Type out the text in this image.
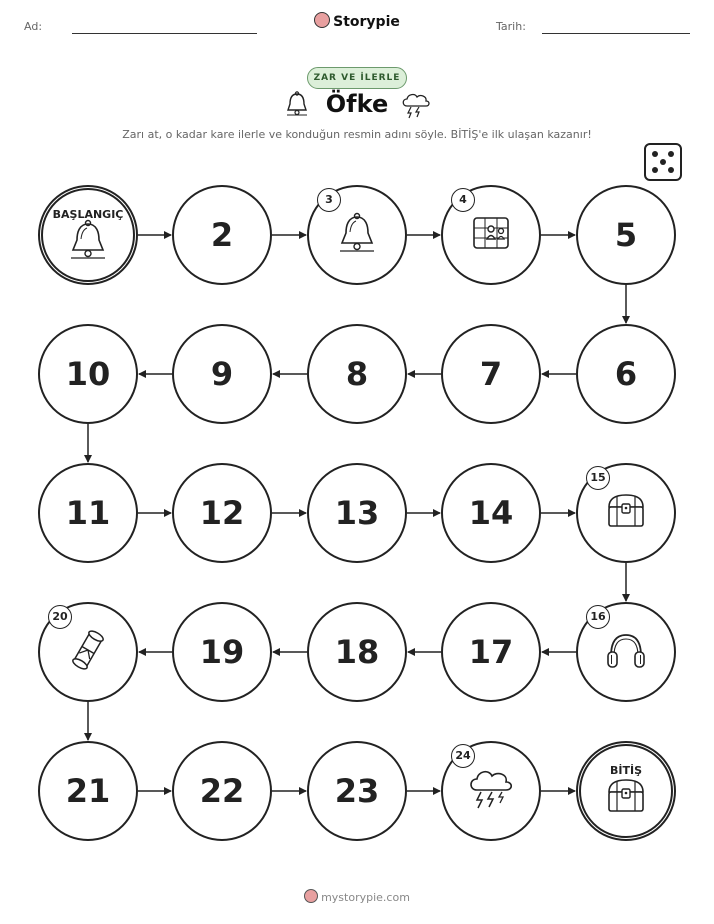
Ad:	Storypie	Tarih:
ZAR VE İLERLE
Öfke
Zarı at, o kadar kare ilerle ve konduğun resmin adını söyle. BİTİŞ'e ilk ulaşan kazanır!
BAŞLANGIÇ
2
3	4
5
6
7
8
9
10
11	12	13	14
15
16
17
18
19
20
21	22	23
24
BİTİŞ
mystorypie.com
